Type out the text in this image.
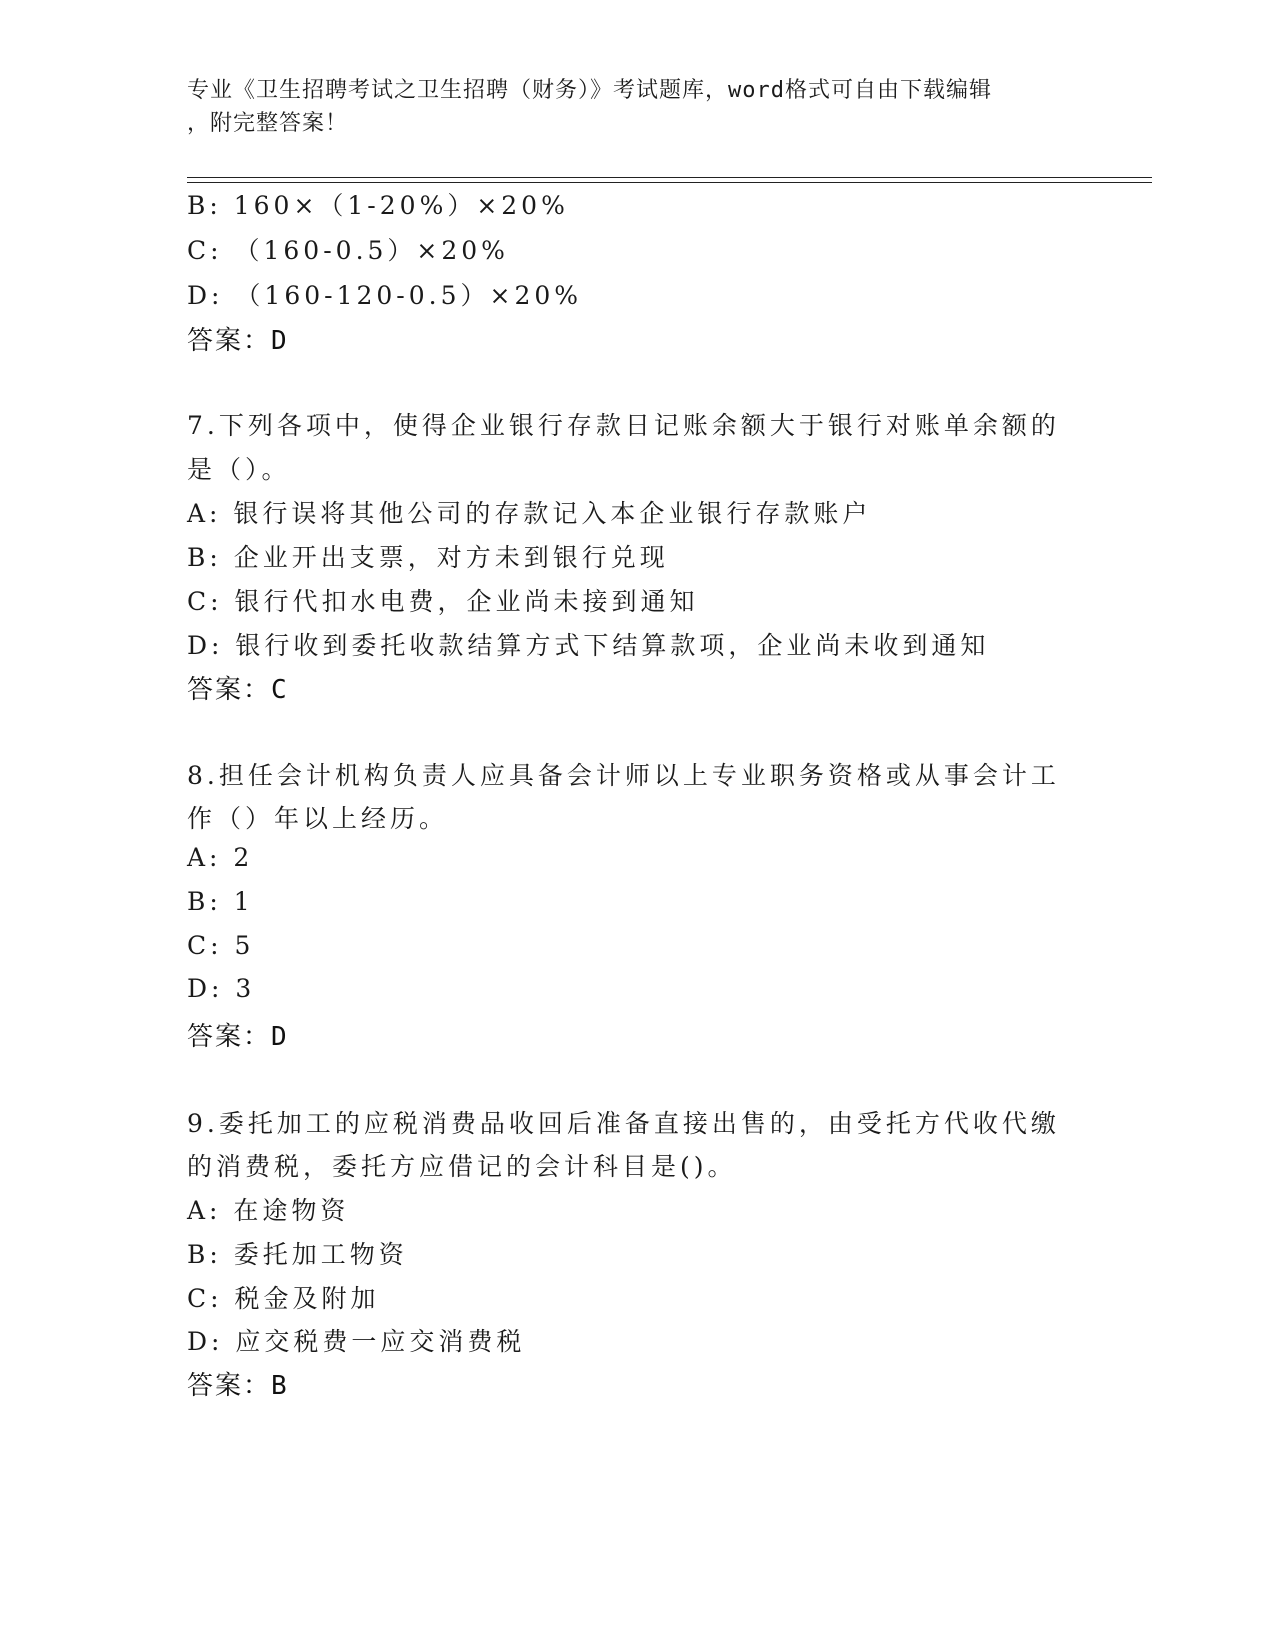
专业《卫生招聘考试之卫生招聘（财务）》考试题库，word格式可自由下载编辑
，附完整答案！
B: 160×（1-20%）×20%
C: （160-0.5）×20%
D: （160-120-0.5）×20%
答案：D
7.下列各项中，使得企业银行存款日记账余额大于银行对账单余额的
是（）。
A: 银行误将其他公司的存款记入本企业银行存款账户
B: 企业开出支票，对方未到银行兑现
C: 银行代扣水电费，企业尚未接到通知
D: 银行收到委托收款结算方式下结算款项，企业尚未收到通知
答案：C
8.担任会计机构负责人应具备会计师以上专业职务资格或从事会计工
作（）年以上经历。
A: 2
B: 1
C: 5
D: 3
答案：D
9.委托加工的应税消费品收回后准备直接出售的，由受托方代收代缴
的消费税，委托方应借记的会计科目是()。
A: 在途物资
B: 委托加工物资
C: 税金及附加
D: 应交税费一应交消费税
答案：B
